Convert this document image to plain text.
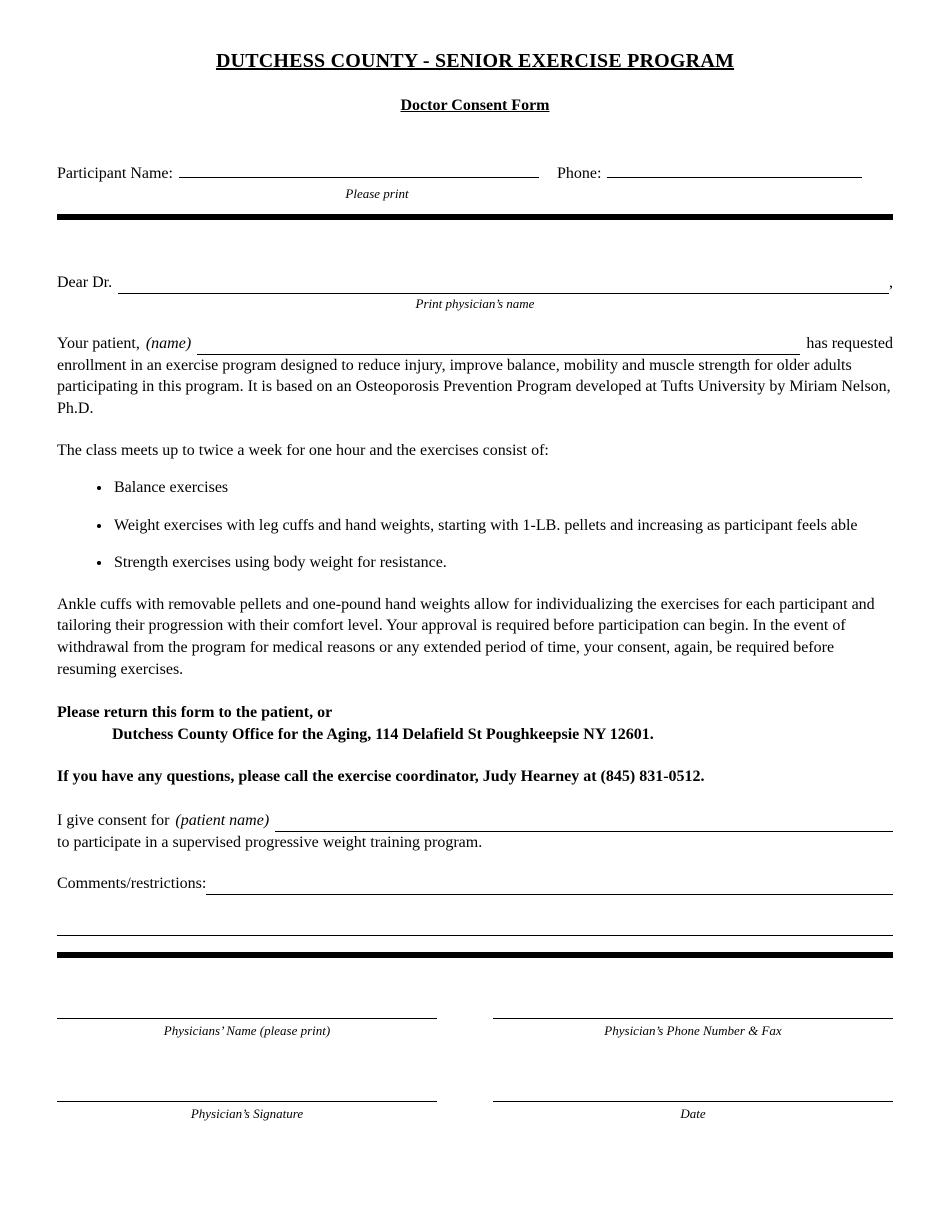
DUTCHESS COUNTY - SENIOR EXERCISE PROGRAM
Doctor Consent Form
Participant Name:	Phone:
Please print
Dear Dr.	,
Print physician’s name
Your patient, (name)	has requested
enrollment in an exercise program designed to reduce injury, improve balance, mobility and muscle strength for older adults participating in this program. It is based on an Osteoporosis Prevention Program developed at Tufts University by Miriam Nelson, Ph.D.
The class meets up to twice a week for one hour and the exercises consist of:
• Balance exercises
• Weight exercises with leg cuffs and hand weights, starting with 1-LB. pellets and increasing as participant feels able
• Strength exercises using body weight for resistance.
Ankle cuffs with removable pellets and one-pound hand weights allow for individualizing the exercises for each participant and tailoring their progression with their comfort level. Your approval is required before participation can begin. In the event of withdrawal from the program for medical reasons or any extended period of time, your consent, again, be required before resuming exercises.
Please return this form to the patient, or
Dutchess County Office for the Aging, 114 Delafield St Poughkeepsie NY 12601.
If you have any questions, please call the exercise coordinator, Judy Hearney at (845) 831-0512.
I give consent for (patient name)
to participate in a supervised progressive weight training program.
Comments/restrictions:
Physicians’ Name (please print)	Physician’s Phone Number & Fax
Physician’s Signature	Date
